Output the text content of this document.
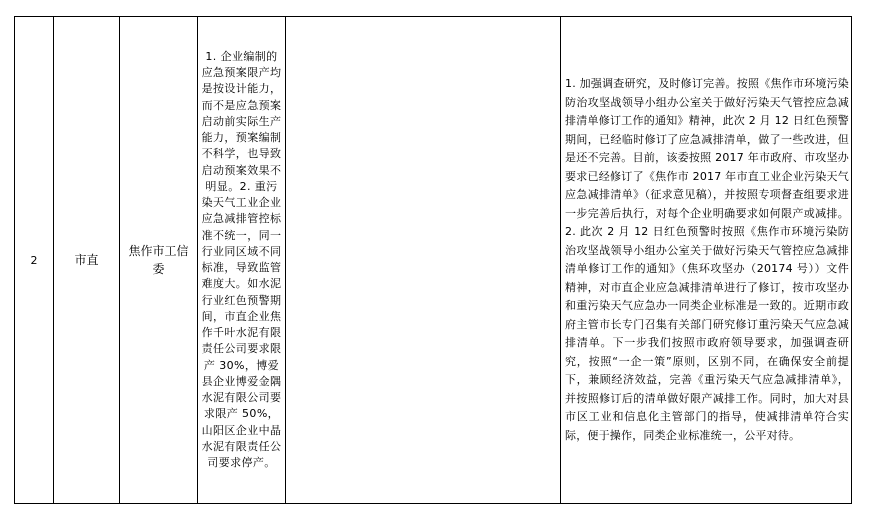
2	市直
焦作市工信委
1. 企业编制的应急预案限产均是按设计能力，而不是应急预案启动前实际生产能力，预案编制不科学，也导致启动预案效果不明显。2. 重污染天气工业企业应急减排管控标准不统一，同一行业同区域不同标准，导致监管难度大。如水泥行业红色预警期间，市直企业焦作千叶水泥有限责任公司要求限产 30%，博爱县企业博爱金隅水泥有限公司要求限产 50%，山阳区企业中晶水泥有限责任公司要求停产。
1. 加强调查研究，及时修订完善。按照《焦作市环境污染防治攻坚战领导小组办公室关于做好污染天气管控应急减排清单修订工作的通知》精神，此次 2 月 12 日红色预警期间，已经临时修订了应急减排清单，做了一些改进，但是还不完善。目前，该委按照 2017 年市政府、市攻坚办要求已经修订了《焦作市 2017 年市直工业企业污染天气应急减排清单》（征求意见稿），并按照专项督查组要求进一步完善后执行，对每个企业明确要求如何限产或减排。2. 此次 2 月 12 日红色预警时按照《焦作市环境污染防治攻坚战领导小组办公室关于做好污染天气管控应急减排清单修订工作的通知》（焦环攻坚办（20174 号））文件精神，对市直企业应急减排清单进行了修订，按市攻坚办和重污染天气应急办一同类企业标准是一致的。近期市政府主管市长专门召集有关部门研究修订重污染天气应急减排清单。下一步我们按照市政府领导要求，加强调查研究，按照“一企一策”原则，区别不同，在确保安全前提下，兼顾经济效益，完善《重污染天气应急减排清单》，并按照修订后的清单做好限产减排工作。同时，加大对县市区工业和信息化主管部门的指导，使减排清单符合实际，便于操作，同类企业标准统一，公平对待。
